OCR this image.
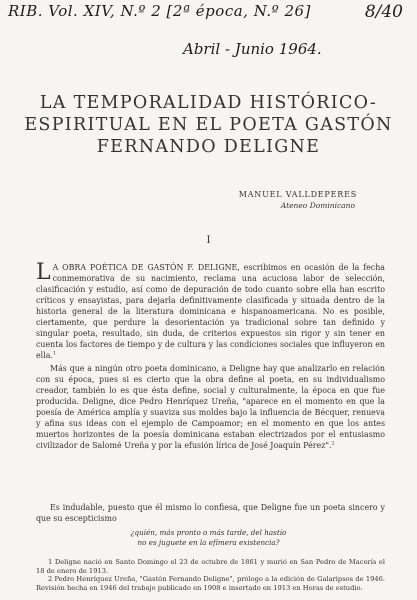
RIB. Vol. XIV, N.º 2 [2ª época, N.º 26]	8/40
Abril - Junio 1964.
LA TEMPORALIDAD HISTÓRICO-ESPIRITUAL EN EL POETA GASTÓN FERNANDO DELIGNE
MANUEL VALLDEPERES
Ateneo Dominicano
I
L A OBRA POÉTICA DE GASTÓN F. DELIGNE, escribimos en ocasión de la fecha conmemorativa de su nacimiento, reclama una acuciosa labor de selección, clasificación y estudio, así como de depuración de todo cuanto sobre ella han escrito críticos y ensayistas, para dejarla definitivamente clasificada y situada dentro de la historia general de la literatura dominicana e hispanoamericana. No es posible, ciertamente, que perdure la desorientación ya tradicional sobre tan definido y singular poeta, resultado, sin duda, de criterios expuestos sin rigor y sin tener en cuenta los factores de tiempo y de cultura y las condiciones sociales que influyeron en ella.$^1$
Más que a ningún otro poeta dominicano, a Deligne hay que analizarlo en relación con su época, pues si es cierto que la obra define al poeta, en su individualismo creador, también lo es que ésta define, social y culturalmente, la época en que fue producida. Deligne, dice Pedro Henríquez Ureña, "aparece en el momento en que la poesía de América amplía y suaviza sus moldes bajo la influencia de Bécquer, renueva y afina sus ideas con el ejemplo de Campoamor; en el momento en que los antes muertos horizontes de la poesía dominicana estaban electrizados por el entusiasmo civilizador de Salomé Ureña y por la efusión lírica de José Joaquín Pérez".$^2$
Es indudable, puesto que él mismo lo confiesa, que Deligne fue un poeta sincero y que su escepticismo
¿quién, más pronto o más tarde, del hastío
no es juguete en la efímera existencia?

1 Deligne nació en Santo Domingo el 23 de octubre de 1861 y murió en San Pedro de Macorís el 18 de enero de 1913.

2 Pedro Henríquez Ureña, "Gastón Fernando Deligne", prólogo a la edición de Galaripsos de 1946. Revisión hecha en 1946 del trabajo publicado en 1908 e insertado en 1913 en Horas de estudio.
